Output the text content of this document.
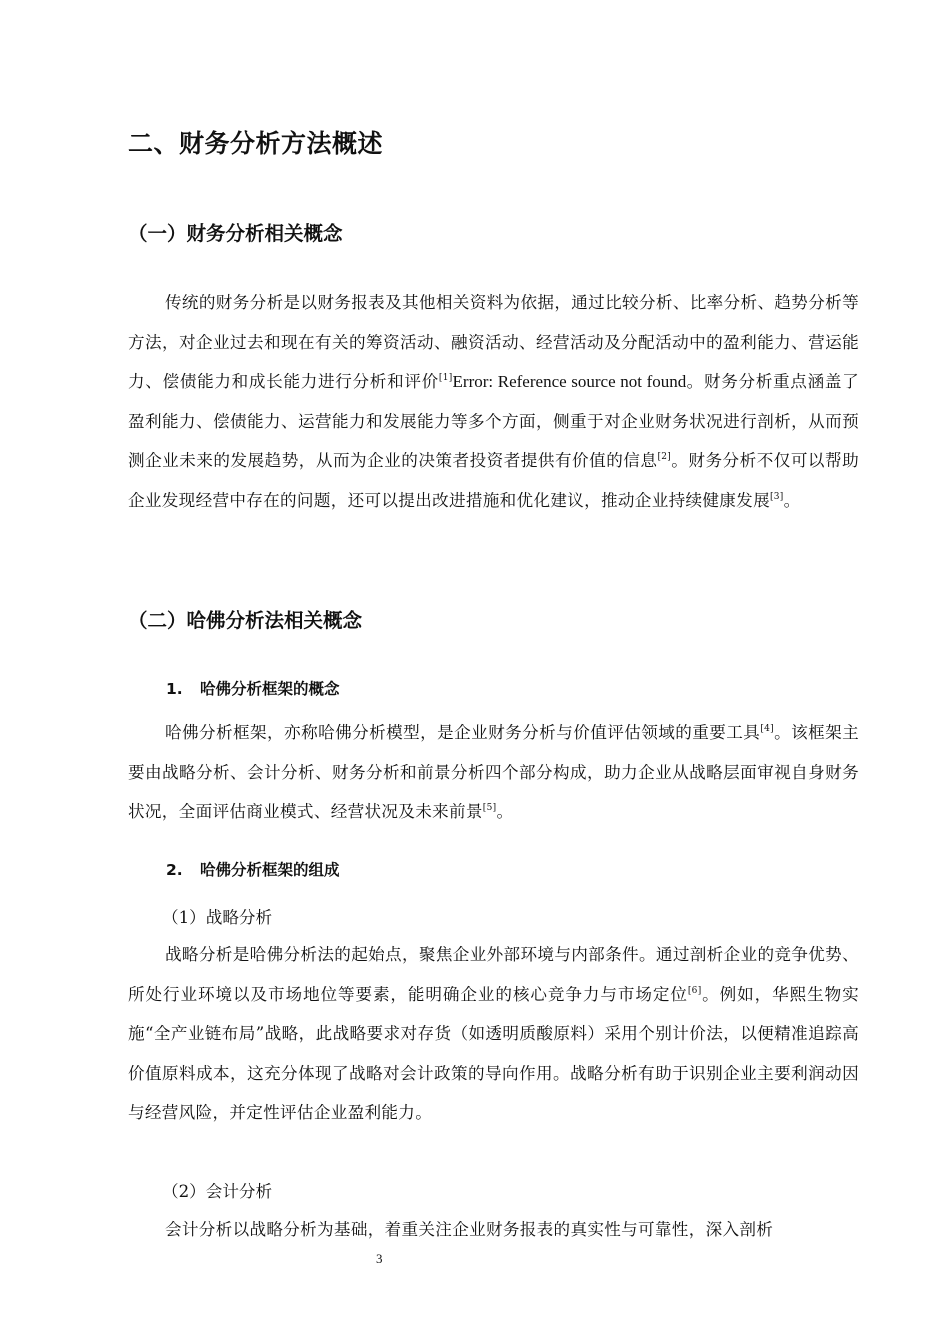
二、财务分析方法概述
（一）财务分析相关概念

传统的财务分析是以财务报表及其他相关资料为依据，通过比较分析、比率分析、趋势分析等方法，对企业过去和现在有关的筹资活动、融资活动、经营活动及分配活动中的盈利能力、营运能力、偿债能力和成长能力进行分析和评价[1]Error: Reference source not found。财务分析重点涵盖了盈利能力、偿债能力、运营能力和发展能力等多个方面，侧重于对企业财务状况进行剖析，从而预测企业未来的发展趋势，从而为企业的决策者投资者提供有价值的信息[2]。财务分析不仅可以帮助企业发现经营中存在的问题，还可以提出改进措施和优化建议，推动企业持续健康发展[3]。

（二）哈佛分析法相关概念
1. 哈佛分析框架的概念

哈佛分析框架，亦称哈佛分析模型，是企业财务分析与价值评估领域的重要工具[4]。该框架主要由战略分析、会计分析、财务分析和前景分析四个部分构成，助力企业从战略层面审视自身财务状况，全面评估商业模式、经营状况及未来前景[5]。

2. 哈佛分析框架的组成

（1）战略分析

战略分析是哈佛分析法的起始点，聚焦企业外部环境与内部条件。通过剖析企业的竞争优势、所处行业环境以及市场地位等要素，能明确企业的核心竞争力与市场定位[6]。例如，华熙生物实施“全产业链布局”战略，此战略要求对存货（如透明质酸原料）采用个别计价法，以便精准追踪高价值原料成本，这充分体现了战略对会计政策的导向作用。战略分析有助于识别企业主要利润动因与经营风险，并定性评估企业盈利能力。

（2）会计分析

会计分析以战略分析为基础，着重关注企业财务报表的真实性与可靠性，深入剖析

3
